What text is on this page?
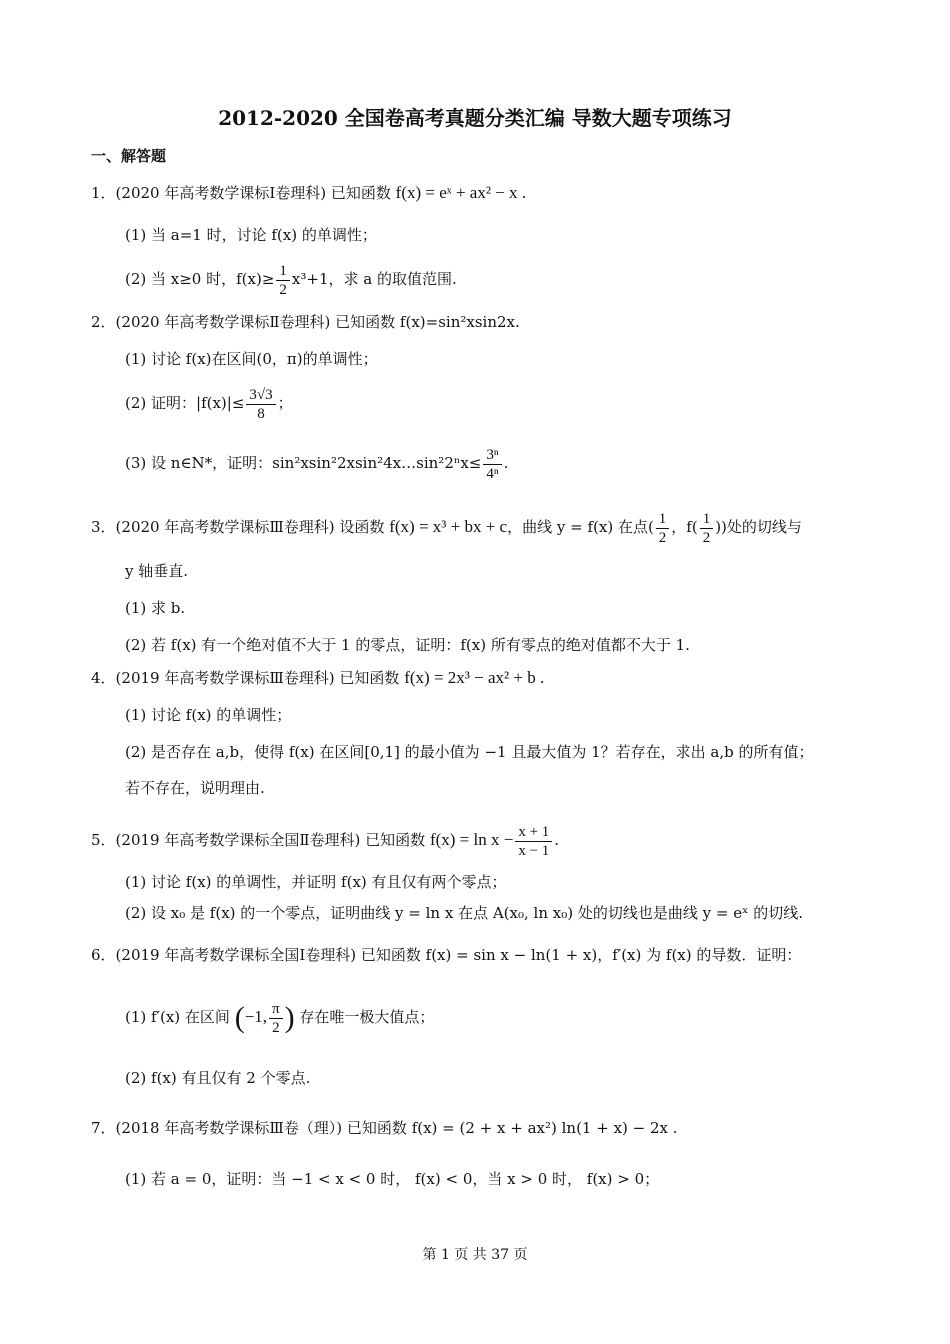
2012-2020 全国卷高考真题分类汇编 导数大题专项练习
一、解答题
1．(2020 年高考数学课标Ⅰ卷理科) 已知函数 f(x) = eˣ + ax² − x .
(1) 当 a=1 时，讨论 f(x) 的单调性；
(2) 当 x≥0 时，$f(x)\ge \frac{1}{2} x^3+1$，求 a 的取值范围.
2．(2020 年高考数学课标Ⅱ卷理科) 已知函数 f(x)=sin²xsin2x.
(1) 讨论 f(x)在区间(0，π)的单调性；
(2) 证明：$|f(x)|\le \frac{3√3}{8}$ ；
(3) 设 n∈N*，证明：sin²xsin²2xsin²4x…sin²2ⁿx≤ $\frac{\text{3ⁿ}}{\text{4ⁿ}}$ .
3．(2020 年高考数学课标Ⅲ卷理科) 设函数 f(x) = x³ + bx + c，曲线 y = f(x) 在点( $\frac{1}{2}$ ，$f( \frac{1}{2}$ ))处的切线与
y 轴垂直.
(1) 求 b.
(2) 若 f(x) 有一个绝对值不大于 1 的零点，证明：f(x) 所有零点的绝对值都不大于 1.
4．(2019 年高考数学课标Ⅲ卷理科) 已知函数 f(x) = 2x³ − ax² + b .
(1) 讨论 f(x) 的单调性；
(2) 是否存在 a,b，使得 f(x) 在区间[0,1] 的最小值为 −1 且最大值为 1？若存在，求出 a,b 的所有值；
若不存在，说明理由.
5．(2019 年高考数学课标全国Ⅱ卷理科) 已知函数 $f(x) = \ln x - \frac{x + 1}{x - 1}$ .
(1) 讨论 f(x) 的单调性，并证明 f(x) 有且仅有两个零点；
(2) 设 x₀ 是 f(x) 的一个零点，证明曲线 y = ln x 在点 A(x₀, ln x₀) 处的切线也是曲线 y = eˣ 的切线.
6．(2019 年高考数学课标全国Ⅰ卷理科) 已知函数 f(x) = sin x − ln(1 + x)，f′(x) 为 f(x) 的导数．证明：
(1) f′(x) 在区间 (−1, $\frac{\pi}{2}$ ) 存在唯一极大值点；
(2) f(x) 有且仅有 2 个零点.
7．(2018 年高考数学课标Ⅲ卷（理）) 已知函数 f(x) = (2 + x + ax²) ln(1 + x) − 2x .
(1) 若 a = 0，证明：当 −1 < x < 0 时， f(x) < 0，当 x > 0 时， f(x) > 0；
第 1 页 共 37 页
